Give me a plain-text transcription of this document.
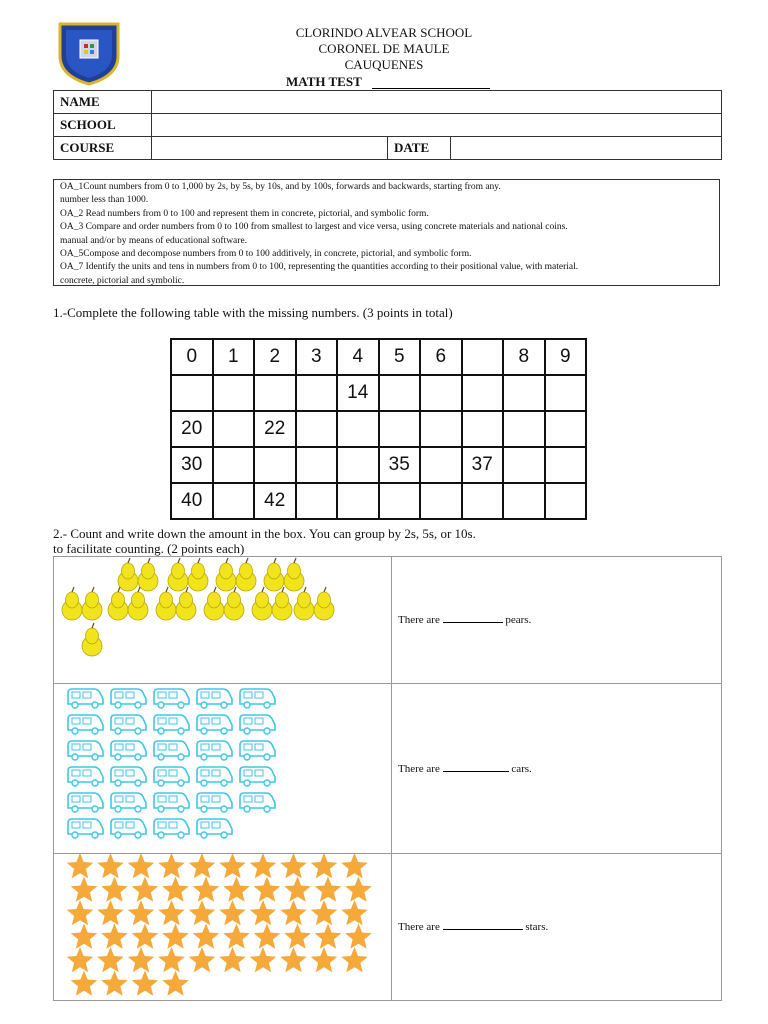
CLORINDO ALVEAR SCHOOL
CORONEL DE MAULE
CAUQUENES
MATH TEST
NAME			
SCHOOL			
COURSE		DATE	
OA_1Count numbers from 0 to 1,000 by 2s, by 5s, by 10s, and by 100s, forwards and backwards, starting from any.
number less than 1000.
OA_2 Read numbers from 0 to 100 and represent them in concrete, pictorial, and symbolic form.
OA_3 Compare and order numbers from 0 to 100 from smallest to largest and vice versa, using concrete materials and national coins.
manual and/or by means of educational software.
OA_5Compose and decompose numbers from 0 to 100 additively, in concrete, pictorial, and symbolic form.
OA_7 Identify the units and tens in numbers from 0 to 100, representing the quantities according to their positional value, with material.
concrete, pictorial and symbolic.
1.-Complete the following table with the missing numbers. (3 points in total)
0	1	2	3	4	5	6		8	9
				14					
20		22							
30					35		37		
40		42							
2.- Count and write down the amount in the box. You can group by 2s, 5s, or 10s.
to facilitate counting. (2 points each)
	There are pears.

	There are cars.

	There are stars.
